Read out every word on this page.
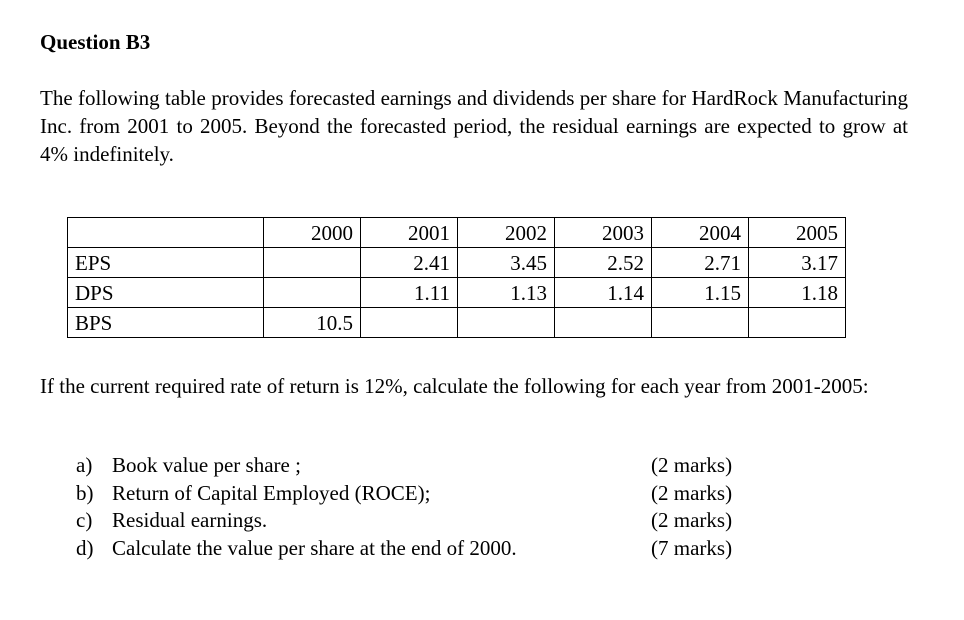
Question B3
The following table provides forecasted earnings and dividends per share for HardRock Manufacturing Inc. from 2001 to 2005. Beyond the forecasted period, the residual earnings are expected to grow at 4% indefinitely.
	2000	2001	2002	2003	2004	2005
EPS		2.41	3.45	2.52	2.71	3.17
DPS		1.11	1.13	1.14	1.15	1.18
BPS	10.5					
If the current required rate of return is 12%, calculate the following for each year from 2001-2005:
a) Book value per share ;	(2 marks)
b) Return of Capital Employed (ROCE);	(2 marks)
c) Residual earnings.	(2 marks)
d) Calculate the value per share at the end of 2000.	(7 marks)
